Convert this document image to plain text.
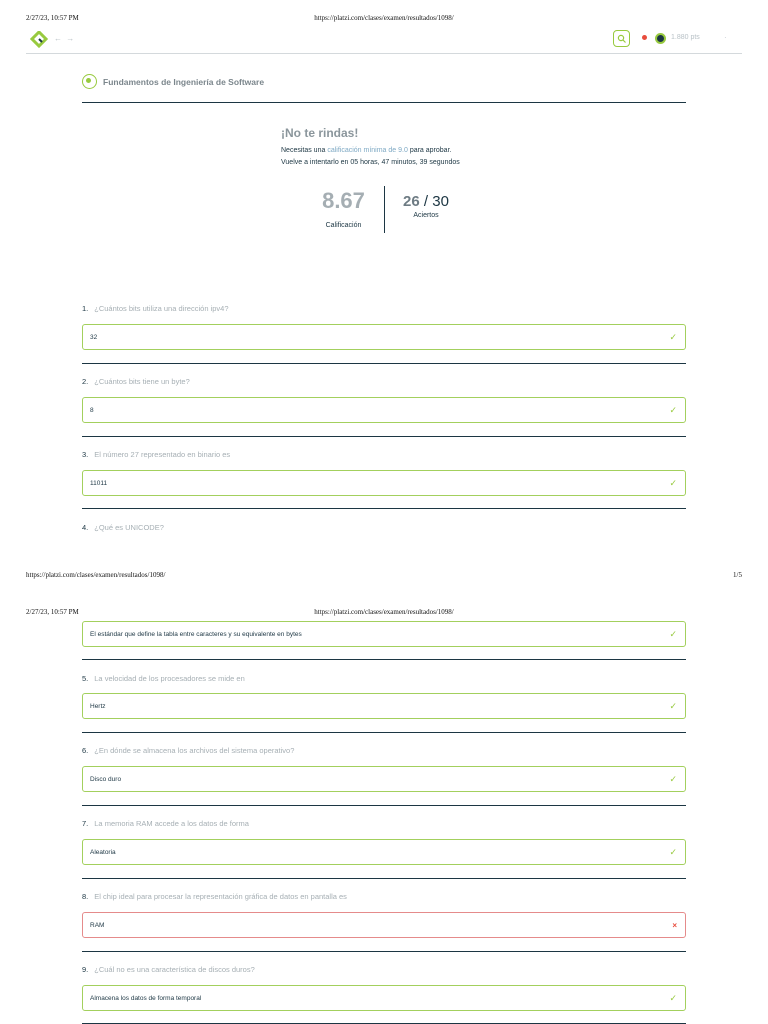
2/27/23, 10:57 PM	https://platzi.com/clases/examen/resultados/1098/
← →	1.880 pts	·
Fundamentos de Ingeniería de Software
¡No te rindas!
Necesitas una calificación mínima de 9.0 para aprobar.
Vuelve a intentarlo en 05 horas, 47 minutos, 39 segundos
8.67
Calificación
26 / 30
Aciertos
1. ¿Cuántos bits utiliza una dirección ipv4?
32	✓
2. ¿Cuántos bits tiene un byte?
8	✓
3. El número 27 representado en binario es
11011	✓
4. ¿Qué es UNICODE?
https://platzi.com/clases/examen/resultados/1098/	1/5
2/27/23, 10:57 PM	https://platzi.com/clases/examen/resultados/1098/
El estándar que define la tabla entre caracteres y su equivalente en bytes	✓
5. La velocidad de los procesadores se mide en
Hertz	✓
6. ¿En dónde se almacena los archivos del sistema operativo?
Disco duro	✓
7. La memoria RAM accede a los datos de forma
Aleatoria	✓
8. El chip ideal para procesar la representación gráfica de datos en pantalla es
RAM	×
9. ¿Cuál no es una característica de discos duros?
Almacena los datos de forma temporal	✓
